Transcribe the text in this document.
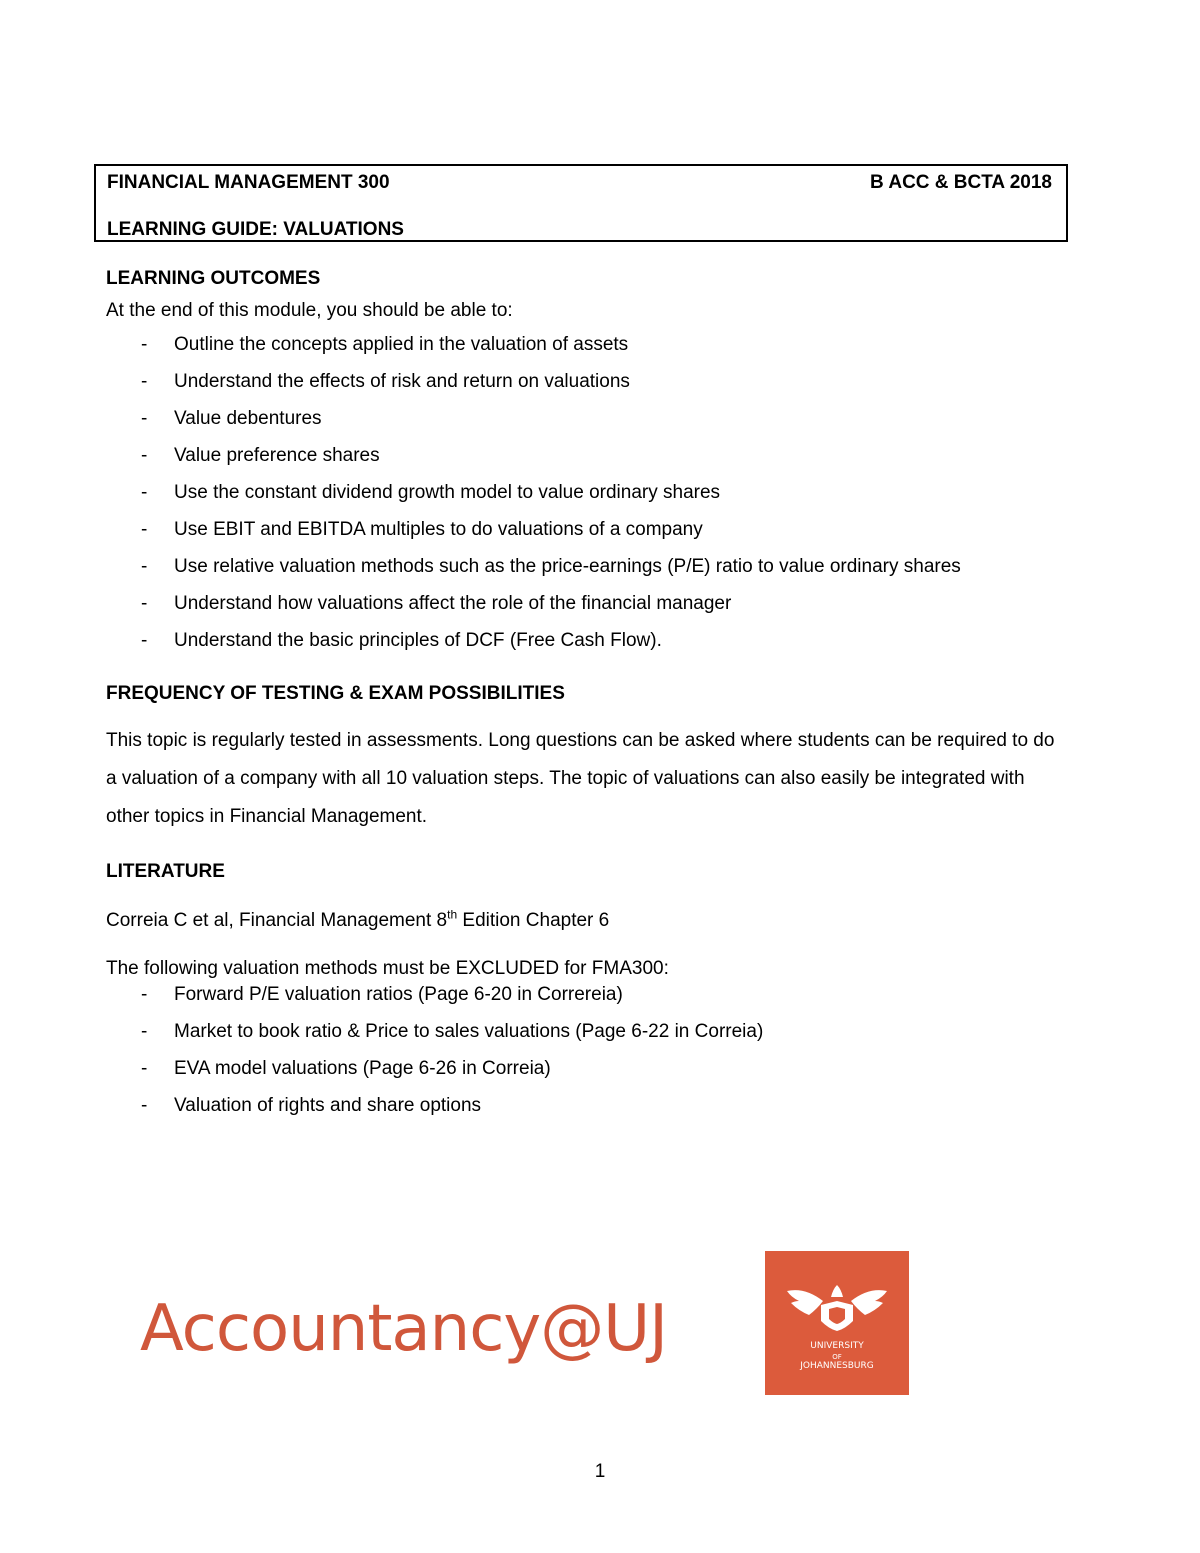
FINANCIAL MANAGEMENT 300	B ACC & BCTA 2018
LEARNING GUIDE: VALUATIONS

LEARNING OUTCOMES

At the end of this module, you should be able to:

- Outline the concepts applied in the valuation of assets
- Understand the effects of risk and return on valuations
- Value debentures
- Value preference shares
- Use the constant dividend growth model to value ordinary shares
- Use EBIT and EBITDA multiples to do valuations of a company
- Use relative valuation methods such as the price-earnings (P/E) ratio to value ordinary shares
- Understand how valuations affect the role of the financial manager
- Understand the basic principles of DCF (Free Cash Flow).

FREQUENCY OF TESTING & EXAM POSSIBILITIES

This topic is regularly tested in assessments. Long questions can be asked where students can be required to do a valuation of a company with all 10 valuation steps. The topic of valuations can also easily be integrated with other topics in Financial Management.

LITERATURE

Correia C et al, Financial Management 8th Edition Chapter 6

The following valuation methods must be EXCLUDED for FMA300:

- Forward P/E valuation ratios (Page 6-20 in Correreia)
- Market to book ratio & Price to sales valuations (Page 6-22 in Correia)
- EVA model valuations (Page 6-26 in Correia)
- Valuation of rights and share options
Accountancy@UJ	UNIVERSITY
OF
JOHANNESBURG
1
